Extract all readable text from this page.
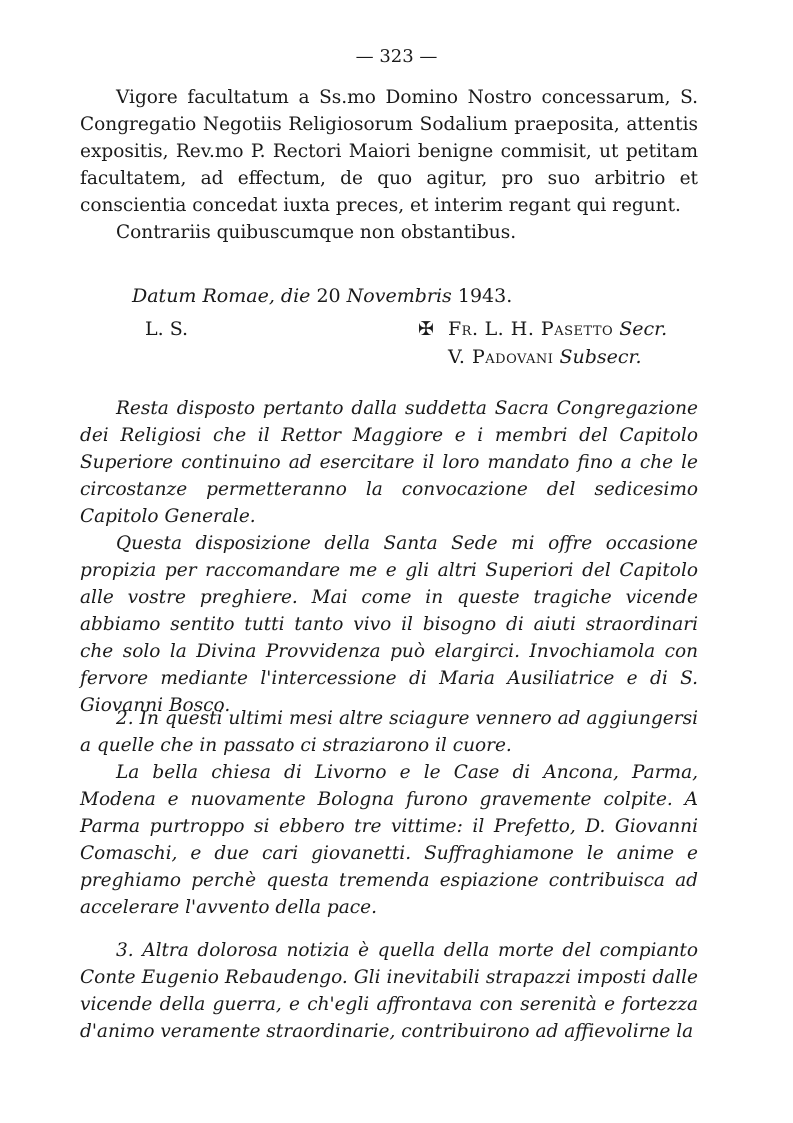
— 323 —

Vigore facultatum a Ss.mo Domino Nostro concessarum, S. Congregatio Negotiis Religiosorum Sodalium praeposita, attentis expositis, Rev.mo P. Rectori Maiori benigne commisit, ut petitam facultatem, ad effectum, de quo agitur, pro suo arbitrio et conscientia concedat iuxta preces, et interim regant qui regunt.

Contrariis quibuscumque non obstantibus.

Datum Romae, die 20 Novembris 1943.
L. S.	✠ Fr. L. H. Pasetto Secr.
V. Padovani Subsecr.

Resta disposto pertanto dalla suddetta Sacra Congregazione dei Religiosi che il Rettor Maggiore e i membri del Capitolo Superiore continuino ad esercitare il loro mandato fino a che le circostanze permetteranno la convocazione del sedicesimo Capitolo Generale.

Questa disposizione della Santa Sede mi offre occasione propizia per raccomandare me e gli altri Superiori del Capitolo alle vostre preghiere. Mai come in queste tragiche vicende abbiamo sentito tutti tanto vivo il bisogno di aiuti straordinari che solo la Divina Provvidenza può elargirci. Invochiamola con fervore mediante l'intercessione di Maria Ausiliatrice e di S. Giovanni Bosco.

2. In questi ultimi mesi altre sciagure vennero ad aggiungersi a quelle che in passato ci straziarono il cuore.

La bella chiesa di Livorno e le Case di Ancona, Parma, Modena e nuovamente Bologna furono gravemente colpite. A Parma purtroppo si ebbero tre vittime: il Prefetto, D. Giovanni Comaschi, e due cari giovanetti. Suffraghiamone le anime e preghiamo perchè questa tremenda espiazione contribuisca ad accelerare l'avvento della pace.

3. Altra dolorosa notizia è quella della morte del compianto Conte Eugenio Rebaudengo. Gli inevitabili strapazzi imposti dalle vicende della guerra, e ch'egli affrontava con serenità e fortezza d'animo veramente straordinarie, contribuirono ad affievolirne la
